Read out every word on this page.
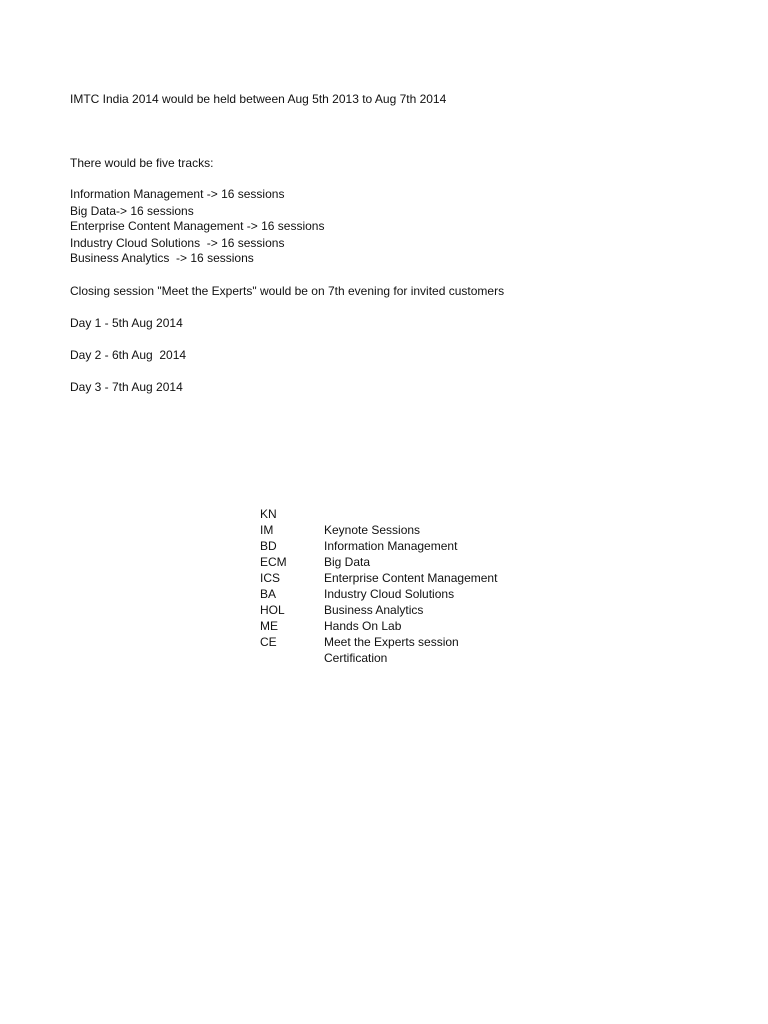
IMTC India 2014 would be held between Aug 5th 2013 to Aug 7th 2014
There would be five tracks:
Information Management -> 16 sessions
Big Data-> 16 sessions
Enterprise Content Management -> 16 sessions
Industry Cloud Solutions  -> 16 sessions
Business Analytics  -> 16 sessions
Closing session "Meet the Experts" would be on 7th evening for invited customers
Day 1 - 5th Aug 2014
Day 2 - 6th Aug  2014
Day 3 - 7th Aug 2014

KN

Keynote Sessions

IM

Information Management

BD

Big Data

ECM

Enterprise Content Management

ICS

Industry Cloud Solutions

BA

Business Analytics

HOL

Hands On Lab

ME

Meet the Experts session

CE

Certification
